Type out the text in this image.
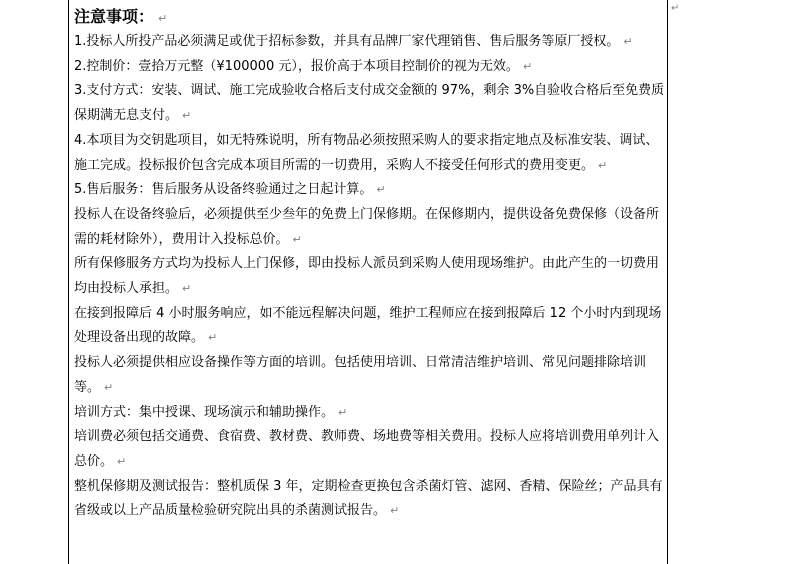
↵
注意事项： ↵

1.投标人所投产品必须满足或优于招标参数，并具有品牌厂家代理销售、售后服务等原厂授权。 ↵

2.控制价：壹拾万元整（¥100000 元），报价高于本项目控制价的视为无效。 ↵

3.支付方式：安装、调试、施工完成验收合格后支付成交金额的 97%，剩余 3%自验收合格后至免费质保期满无息支付。 ↵

4.本项目为交钥匙项目，如无特殊说明，所有物品必须按照采购人的要求指定地点及标准安装、调试、施工完成。投标报价包含完成本项目所需的一切费用，采购人不接受任何形式的费用变更。 ↵

5.售后服务：售后服务从设备终验通过之日起计算。 ↵

投标人在设备终验后，必须提供至少叁年的免费上门保修期。在保修期内，提供设备免费保修（设备所需的耗材除外），费用计入投标总价。 ↵

所有保修服务方式均为投标人上门保修，即由投标人派员到采购人使用现场维护。由此产生的一切费用均由投标人承担。 ↵

在接到报障后 4 小时服务响应，如不能远程解决问题，维护工程师应在接到报障后 12 个小时内到现场处理设备出现的故障。 ↵

投标人必须提供相应设备操作等方面的培训。包括使用培训、日常清洁维护培训、常见问题排除培训等。 ↵

培训方式：集中授课、现场演示和辅助操作。 ↵

培训费必须包括交通费、食宿费、教材费、教师费、场地费等相关费用。投标人应将培训费用单列计入总价。 ↵

整机保修期及测试报告：整机质保 3 年，定期检查更换包含杀菌灯管、滤网、香精、保险丝；产品具有省级或以上产品质量检验研究院出具的杀菌测试报告。 ↵
